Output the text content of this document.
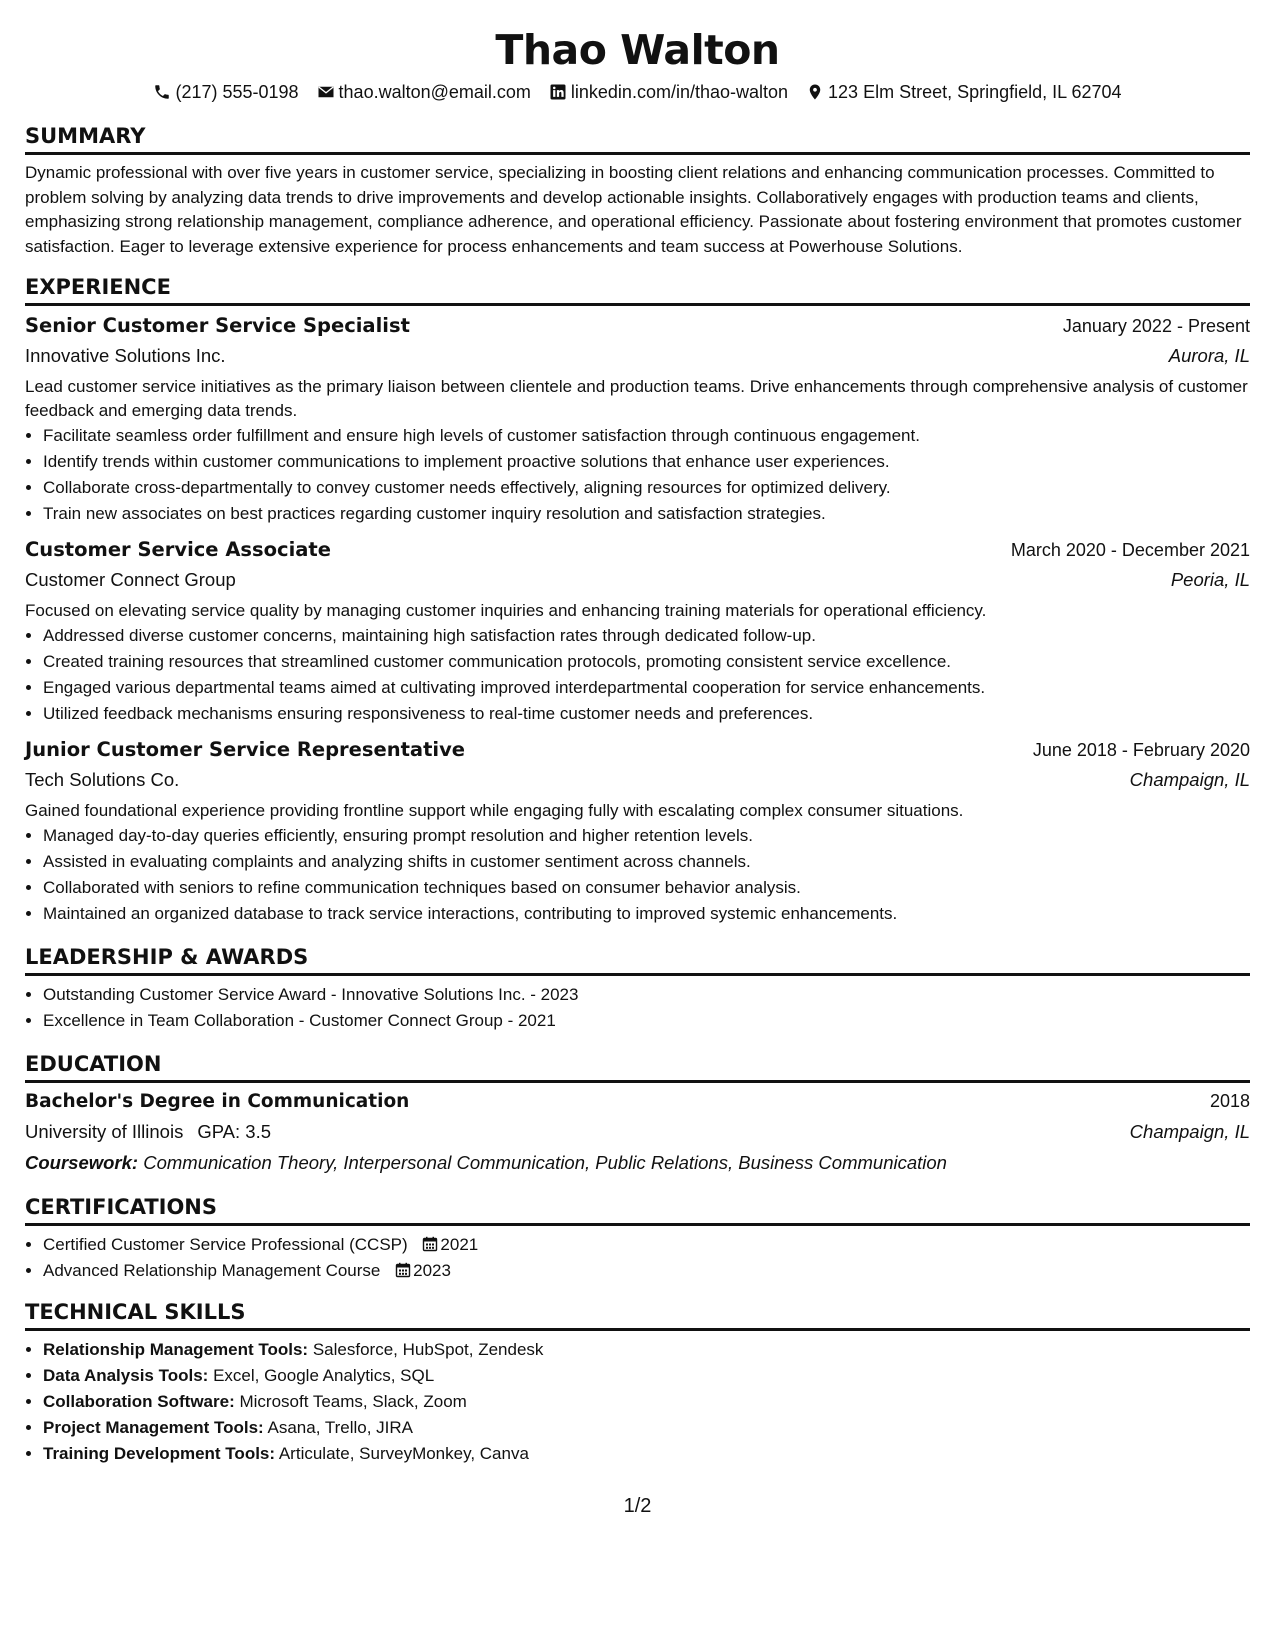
Thao Walton
(217) 555-0198 thao.walton@email.com linkedin.com/in/thao-walton 123 Elm Street, Springfield, IL 62704
SUMMARY

Dynamic professional with over five years in customer service, specializing in boosting client relations and enhancing communication processes. Committed to problem solving by analyzing data trends to drive improvements and develop actionable insights. Collaboratively engages with production teams and clients, emphasizing strong relationship management, compliance adherence, and operational efficiency. Passionate about fostering environment that promotes customer satisfaction. Eager to leverage extensive experience for process enhancements and team success at Powerhouse Solutions.

EXPERIENCE
Senior Customer Service Specialist	January 2022 - Present
Innovative Solutions Inc.	Aurora, IL

Lead customer service initiatives as the primary liaison between clientele and production teams. Drive enhancements through comprehensive analysis of customer feedback and emerging data trends.

• Facilitate seamless order fulfillment and ensure high levels of customer satisfaction through continuous engagement.
• Identify trends within customer communications to implement proactive solutions that enhance user experiences.
• Collaborate cross-departmentally to convey customer needs effectively, aligning resources for optimized delivery.
• Train new associates on best practices regarding customer inquiry resolution and satisfaction strategies.
Customer Service Associate	March 2020 - December 2021
Customer Connect Group	Peoria, IL

Focused on elevating service quality by managing customer inquiries and enhancing training materials for operational efficiency.

• Addressed diverse customer concerns, maintaining high satisfaction rates through dedicated follow-up.
• Created training resources that streamlined customer communication protocols, promoting consistent service excellence.
• Engaged various departmental teams aimed at cultivating improved interdepartmental cooperation for service enhancements.
• Utilized feedback mechanisms ensuring responsiveness to real-time customer needs and preferences.
Junior Customer Service Representative	June 2018 - February 2020
Tech Solutions Co.	Champaign, IL

Gained foundational experience providing frontline support while engaging fully with escalating complex consumer situations.

• Managed day-to-day queries efficiently, ensuring prompt resolution and higher retention levels.
• Assisted in evaluating complaints and analyzing shifts in customer sentiment across channels.
• Collaborated with seniors to refine communication techniques based on consumer behavior analysis.
• Maintained an organized database to track service interactions, contributing to improved systemic enhancements.
LEADERSHIP & AWARDS
• Outstanding Customer Service Award - Innovative Solutions Inc. - 2023
• Excellence in Team Collaboration - Customer Connect Group - 2021
EDUCATION
Bachelor's Degree in Communication	2018
University of Illinois GPA: 3.5	Champaign, IL
Coursework: Communication Theory, Interpersonal Communication, Public Relations, Business Communication
CERTIFICATIONS
• Certified Customer Service Professional (CCSP) 2021
• Advanced Relationship Management Course 2023
TECHNICAL SKILLS
• Relationship Management Tools: Salesforce, HubSpot, Zendesk
• Data Analysis Tools: Excel, Google Analytics, SQL
• Collaboration Software: Microsoft Teams, Slack, Zoom
• Project Management Tools: Asana, Trello, JIRA
• Training Development Tools: Articulate, SurveyMonkey, Canva
1/2
